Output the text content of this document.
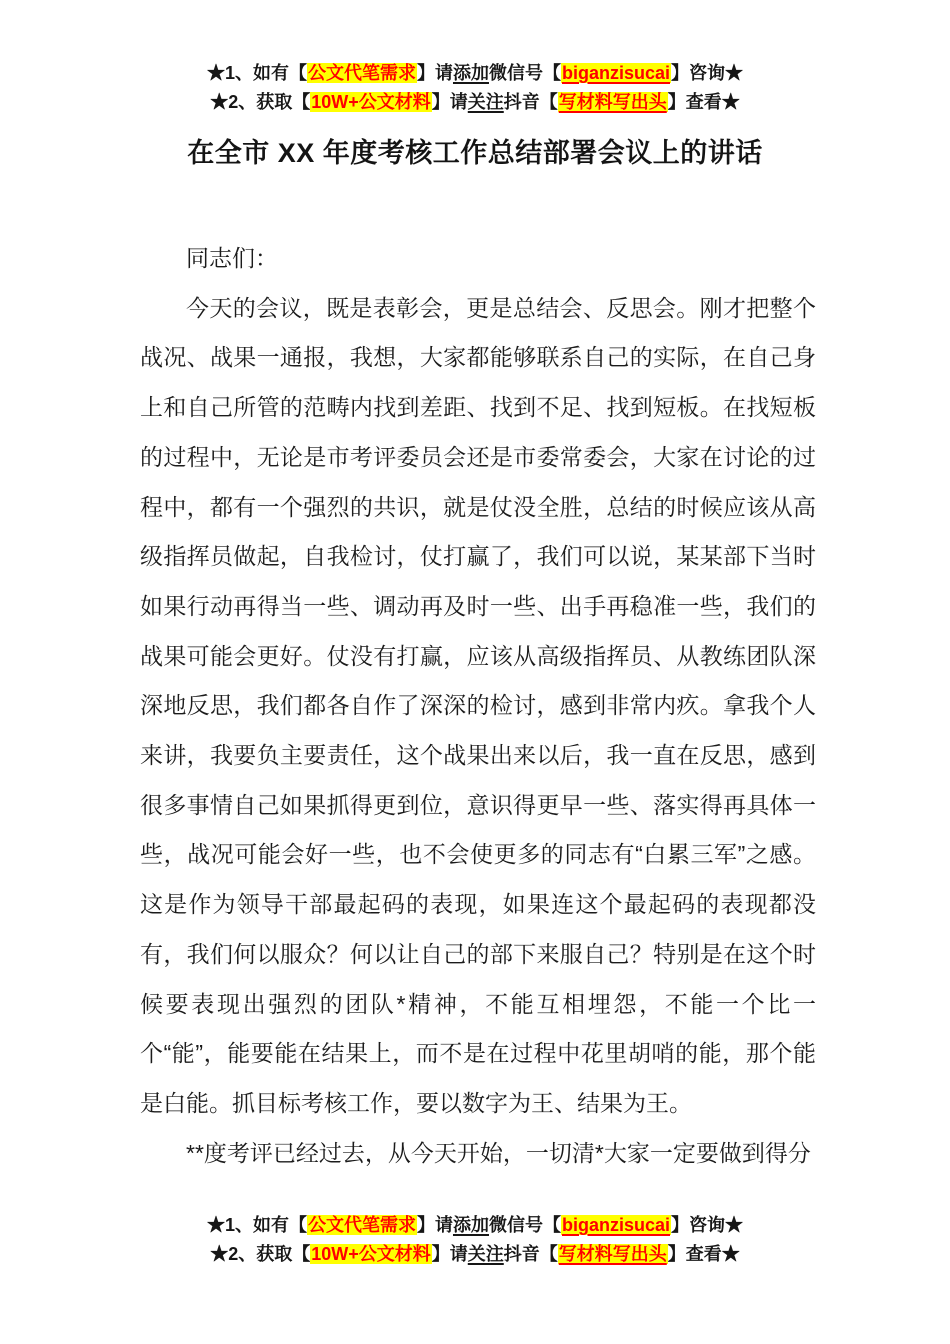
★1、如有【公文代笔需求】请添加微信号【biganzisucai】咨询★
★2、获取【10W+公文材料】请关注抖音【写材料写出头】查看★
在全市 XX 年度考核工作总结部署会议上的讲话

同志们：

今天的会议，既是表彰会，更是总结会、反思会。刚才把整个战况、战果一通报，我想，大家都能够联系自己的实际，在自己身上和自己所管的范畴内找到差距、找到不足、找到短板。在找短板的过程中，无论是市考评委员会还是市委常委会，大家在讨论的过程中，都有一个强烈的共识，就是仗没全胜，总结的时候应该从高级指挥员做起，自我检讨，仗打赢了，我们可以说，某某部下当时如果行动再得当一些、调动再及时一些、出手再稳准一些，我们的战果可能会更好。仗没有打赢，应该从高级指挥员、从教练团队深深地反思，我们都各自作了深深的检讨，感到非常内疚。拿我个人来讲，我要负主要责任，这个战果出来以后，我一直在反思，感到很多事情自己如果抓得更到位，意识得更早一些、落实得再具体一些，战况可能会好一些，也不会使更多的同志有“白累三军”之感。这是作为领导干部最起码的表现，如果连这个最起码的表现都没有，我们何以服众？何以让自己的部下来服自己？特别是在这个时候要表现出强烈的团队*精神，不能互相埋怨，不能一个比一个“能”，能要能在结果上，而不是在过程中花里胡哨的能，那个能是白能。抓目标考核工作，要以数字为王、结果为王。

**度考评已经过去，从今天开始，一切清*大家一定要做到得分

★1、如有【公文代笔需求】请添加微信号【biganzisucai】咨询★
★2、获取【10W+公文材料】请关注抖音【写材料写出头】查看★
